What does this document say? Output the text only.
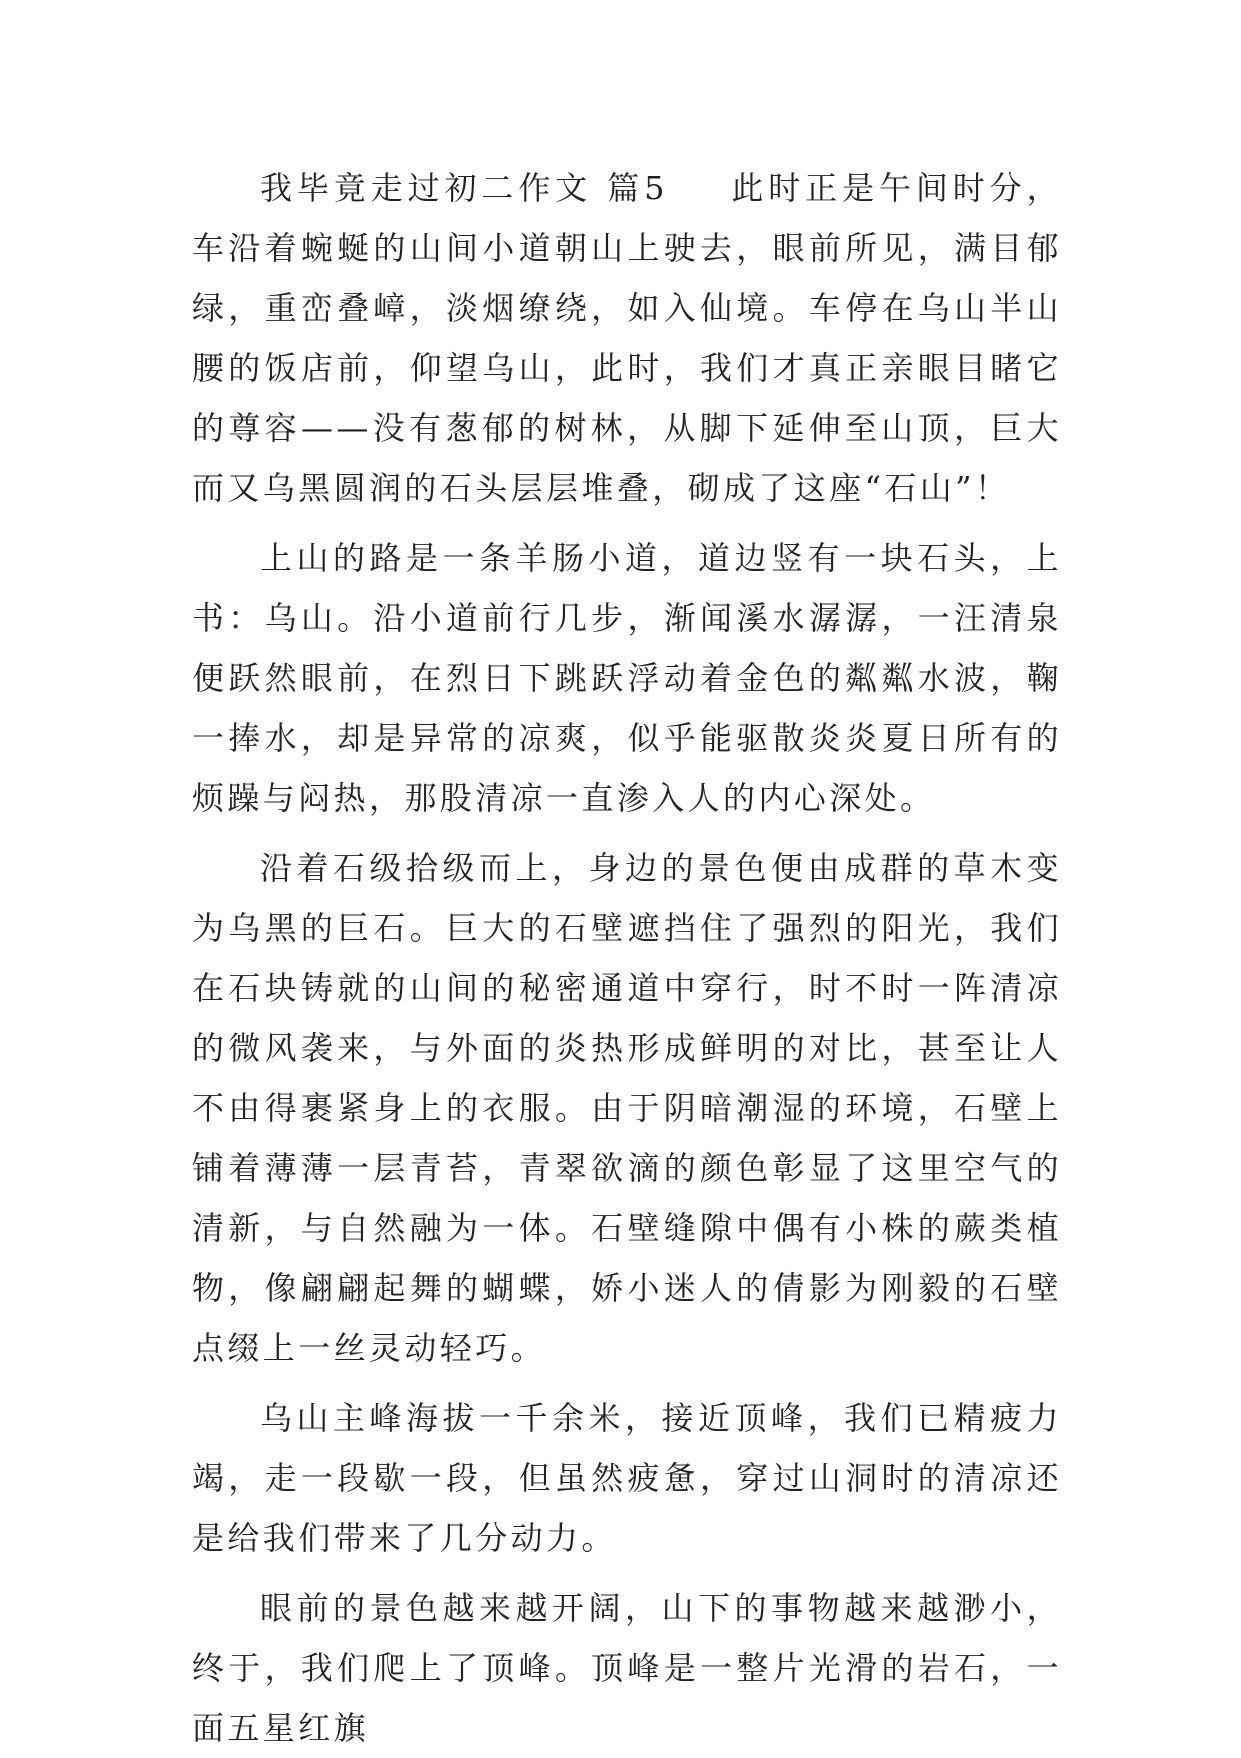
我毕竟走过初二作文 篇5 此时正是午间时分，车沿着蜿蜒的山间小道朝山上驶去，眼前所见，满目郁绿，重峦叠嶂，淡烟缭绕，如入仙境。车停在乌山半山腰的饭店前，仰望乌山，此时，我们才真正亲眼目睹它的尊容——没有葱郁的树林，从脚下延伸至山顶，巨大而又乌黑圆润的石头层层堆叠，砌成了这座“石山”！

上山的路是一条羊肠小道，道边竖有一块石头，上书：乌山。沿小道前行几步，渐闻溪水潺潺，一汪清泉便跃然眼前，在烈日下跳跃浮动着金色的粼粼水波，鞠一捧水，却是异常的凉爽，似乎能驱散炎炎夏日所有的烦躁与闷热，那股清凉一直渗入人的内心深处。

沿着石级拾级而上，身边的景色便由成群的草木变为乌黑的巨石。巨大的石壁遮挡住了强烈的阳光，我们在石块铸就的山间的秘密通道中穿行，时不时一阵清凉的微风袭来，与外面的炎热形成鲜明的对比，甚至让人不由得裹紧身上的衣服。由于阴暗潮湿的环境，石壁上铺着薄薄一层青苔，青翠欲滴的颜色彰显了这里空气的清新，与自然融为一体。石壁缝隙中偶有小株的蕨类植物，像翩翩起舞的蝴蝶，娇小迷人的倩影为刚毅的石壁点缀上一丝灵动轻巧。

乌山主峰海拔一千余米，接近顶峰，我们已精疲力竭，走一段歇一段，但虽然疲惫，穿过山洞时的清凉还是给我们带来了几分动力。

眼前的景色越来越开阔，山下的事物越来越渺小，终于，我们爬上了顶峰。顶峰是一整片光滑的岩石，一面五星红旗
